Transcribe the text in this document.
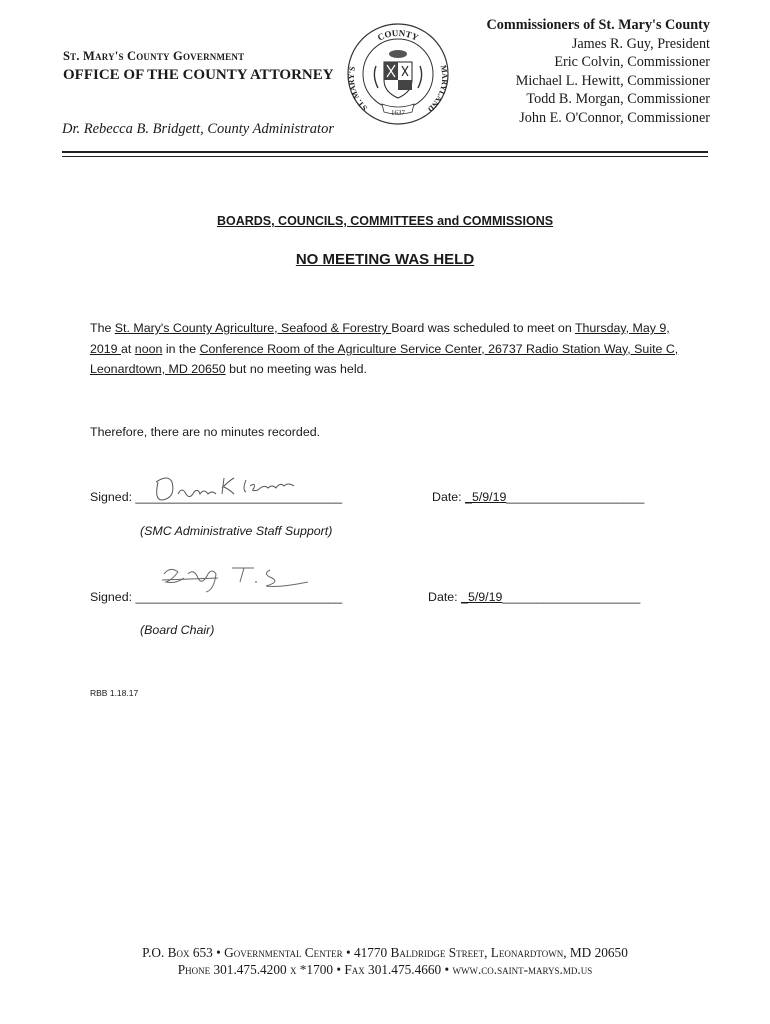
St. Mary's County Government
OFFICE OF THE COUNTY ATTORNEY
Dr. Rebecca B. Bridgett, County Administrator
COUNTY
ST. MARY'S	MARYLAND
1637
Commissioners of St. Mary's County
James R. Guy, President
Eric Colvin, Commissioner
Michael L. Hewitt, Commissioner
Todd B. Morgan, Commissioner
John E. O'Connor, Commissioner
BOARDS, COUNCILS, COMMITTEES and COMMISSIONS
NO MEETING WAS HELD
The St. Mary's County Agriculture, Seafood & Forestry Board was scheduled to meet on Thursday, May 9, 2019 at noon in the Conference Room of the Agriculture Service Center, 26737 Radio Station Way, Suite C, Leonardtown, MD 20650 but no meeting was held.
Therefore, there are no minutes recorded.
Signed: ______________________________	Date: _5/9/19____________________
(SMC Administrative Staff Support)
Signed: ______________________________	Date: _5/9/19____________________
(Board Chair)
RBB 1.18.17
P.O. Box 653 • Governmental Center • 41770 Baldridge Street, Leonardtown, MD 20650
Phone 301.475.4200 x *1700 • Fax 301.475.4660 • www.co.saint-marys.md.us
